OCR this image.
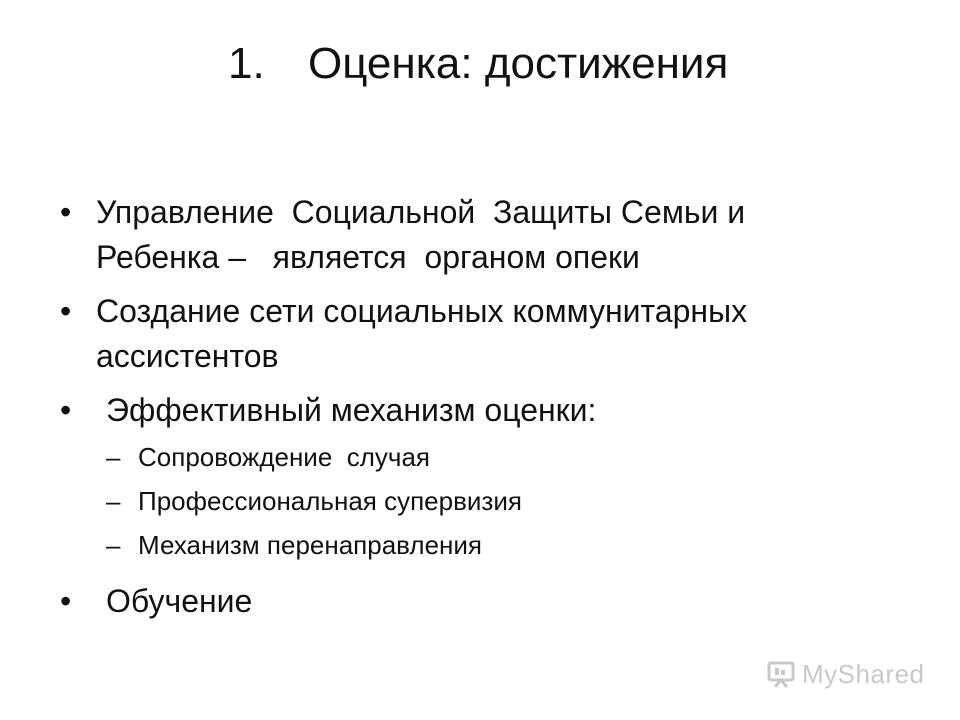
1. Оценка: достижения
• Управление  Социальной  Защиты Семьи и
Ребенка –   является  органом опеки
• Создание сети социальных коммунитарных
ассистентов
•	Эффективный механизм оценки:
– Сопровождение  случая
– Профессиональная супервизия
– Механизм перенаправления
•	Обучение
MyShared
